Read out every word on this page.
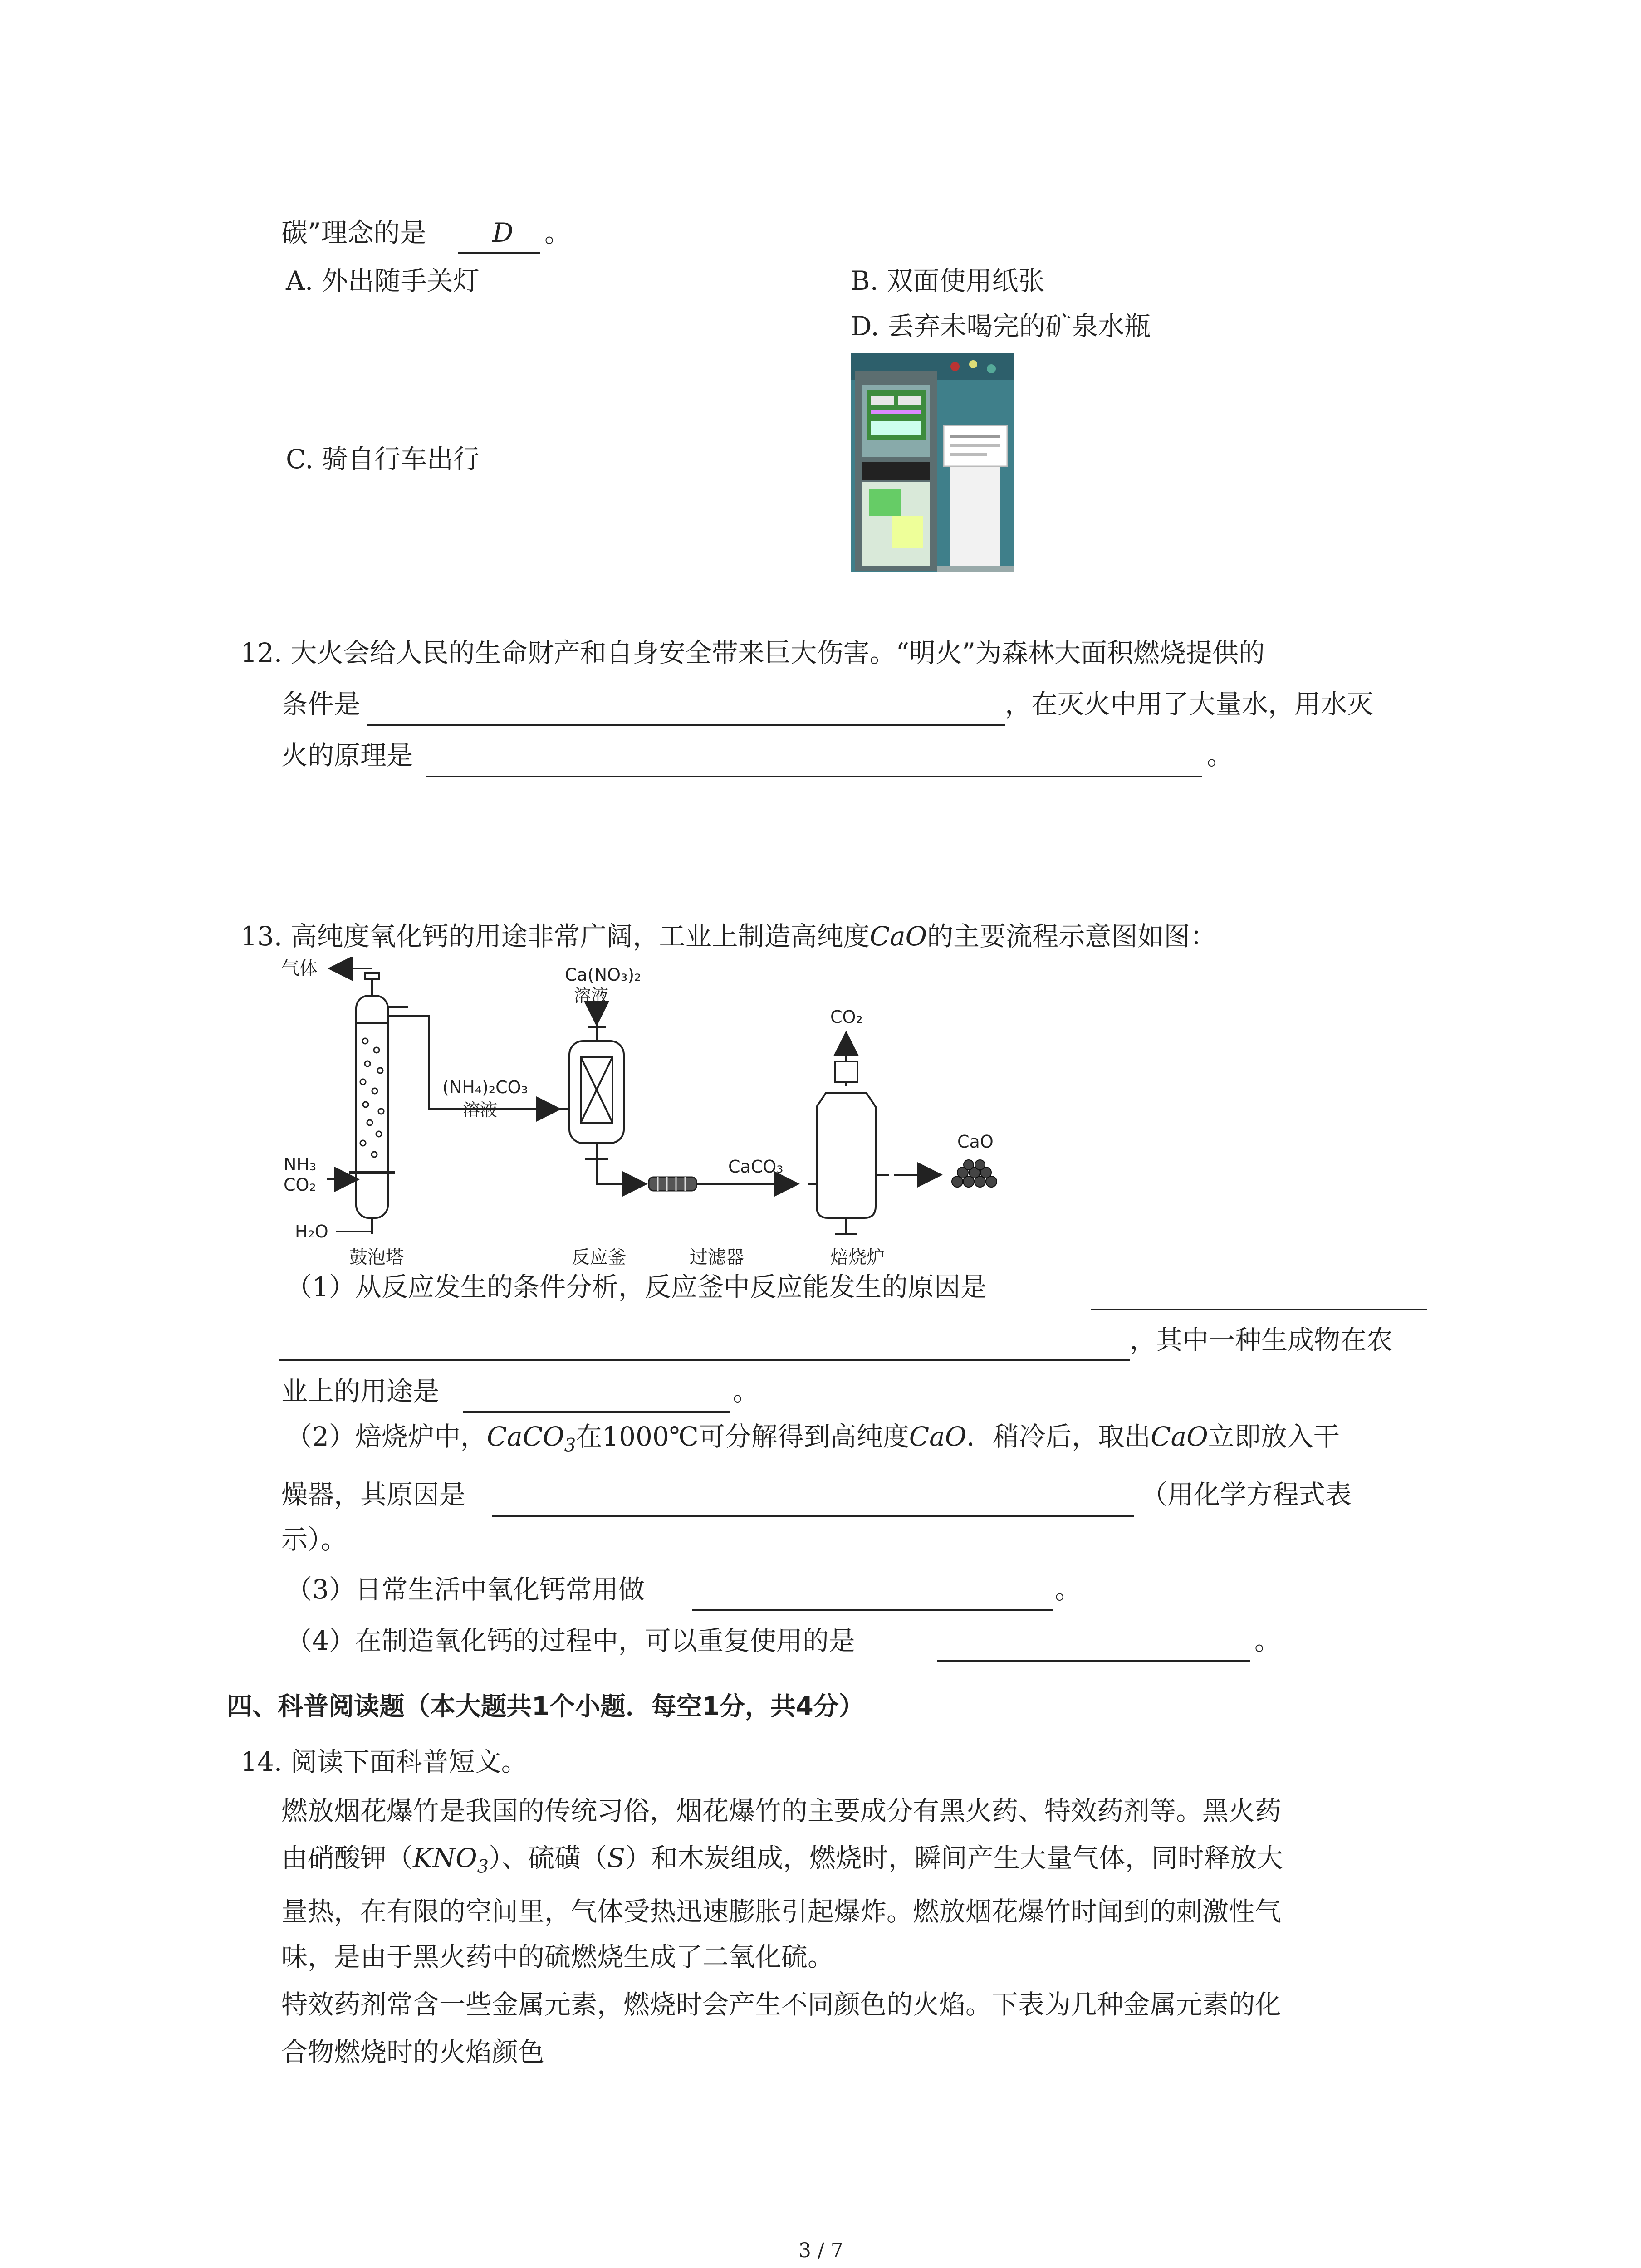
碳”理念的是	D 。
A. 外出随手关灯	B. 双面使用纸张
D. 丢弃未喝完的矿泉水瓶
C. 骑自行车出行
12. 大火会给人民的生命财产和自身安全带来巨大伤害。“明火”为森林大面积燃烧提供的
条件是	，在灭火中用了大量水，用水灭
火的原理是	。
13. 高纯度氧化钙的用途非常广阔，工业上制造高纯度CaO的主要流程示意图如图：
气体
NH₃
CO₂
H₂O
(NH₄)₂CO₃
溶液
Ca(NO₃)₂
溶液
CaCO₃
CO₂
CaO
鼓泡塔	反应釜	过滤器	焙烧炉
（1）从反应发生的条件分析，反应釜中反应能发生的原因是
，其中一种生成物在农
业上的用途是	。
（2）焙烧炉中，CaCO$_3$在1000℃可分解得到高纯度CaO．稍冷后，取出CaO立即放入干
燥器，其原因是	（用化学方程式表
示）。
（3）日常生活中氧化钙常用做	。
（4）在制造氧化钙的过程中，可以重复使用的是	。
四、科普阅读题（本大题共1个小题．每空1分，共4分）
14. 阅读下面科普短文。
燃放烟花爆竹是我国的传统习俗，烟花爆竹的主要成分有黑火药、特效药剂等。黑火药
由硝酸钾$(KNO_3)$、硫磺（S）和木炭组成，燃烧时，瞬间产生大量气体，同时释放大
量热，在有限的空间里，气体受热迅速膨胀引起爆炸。燃放烟花爆竹时闻到的刺激性气
味，是由于黑火药中的硫燃烧生成了二氧化硫。
特效药剂常含一些金属元素，燃烧时会产生不同颜色的火焰。下表为几种金属元素的化
合物燃烧时的火焰颜色
3 / 7
